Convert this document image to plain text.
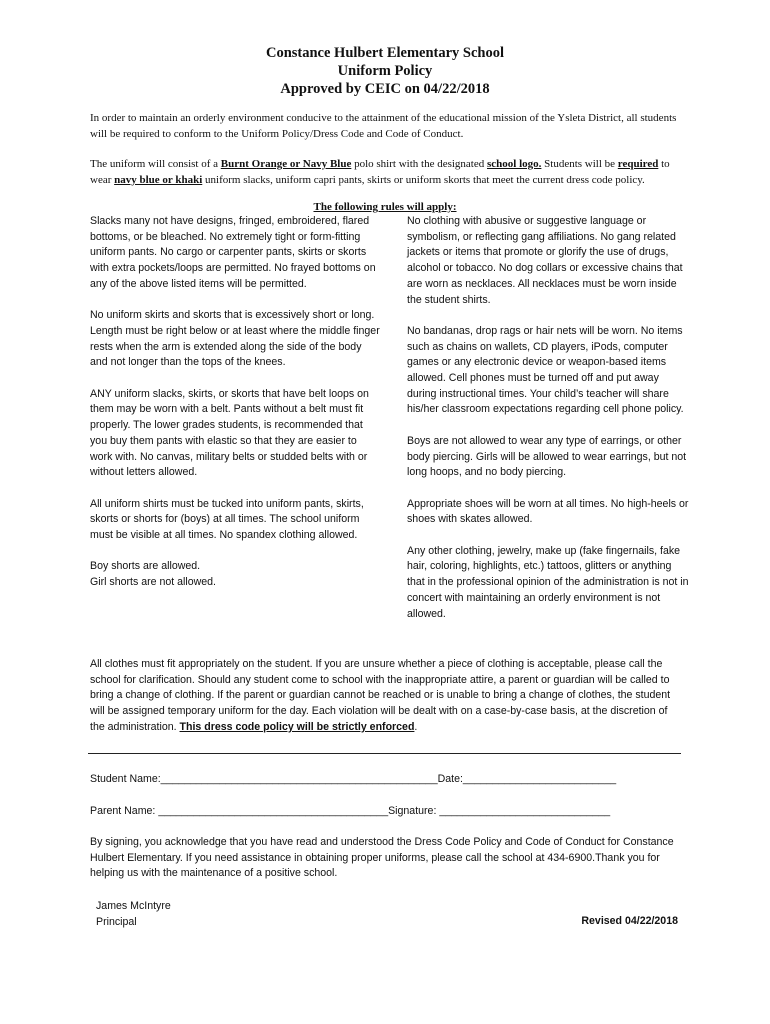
Constance Hulbert Elementary School
Uniform Policy
Approved by CEIC on 04/22/2018
In order to maintain an orderly environment conducive to the attainment of the educational mission of the Ysleta District, all students will be required to conform to the Uniform Policy/Dress Code and Code of Conduct.
The uniform will consist of a Burnt Orange or Navy Blue polo shirt with the designated school logo. Students will be required to wear navy blue or khaki uniform slacks, uniform capri pants, skirts or uniform skorts that meet the current dress code policy.
The following rules will apply:

Slacks many not have designs, fringed, embroidered, flared bottoms, or be bleached. No extremely tight or form-fitting uniform pants. No cargo or carpenter pants, skirts or skorts with extra pockets/loops are permitted. No frayed bottoms on any of the above listed items will be permitted.

No uniform skirts and skorts that is excessively short or long. Length must be right below or at least where the middle finger rests when the arm is extended along the side of the body and not longer than the tops of the knees.

ANY uniform slacks, skirts, or skorts that have belt loops on them may be worn with a belt. Pants without a belt must fit properly. The lower grades students, is recommended that you buy them pants with elastic so that they are easier to work with. No canvas, military belts or studded belts with or without letters allowed.

All uniform shirts must be tucked into uniform pants, skirts, skorts or shorts for (boys) at all times. The school uniform must be visible at all times. No spandex clothing allowed.

Boy shorts are allowed.

Girl shorts are not allowed.

No clothing with abusive or suggestive language or symbolism, or reflecting gang affiliations. No gang related jackets or items that promote or glorify the use of drugs, alcohol or tobacco. No dog collars or excessive chains that are worn as necklaces. All necklaces must be worn inside the student shirts.

No bandanas, drop rags or hair nets will be worn. No items such as chains on wallets, CD players, iPods, computer games or any electronic device or weapon-based items allowed. Cell phones must be turned off and put away during instructional times. Your child’s teacher will share his/her classroom expectations regarding cell phone policy.

Boys are not allowed to wear any type of earrings, or other body piercing. Girls will be allowed to wear earrings, but not long hoops, and no body piercing.

Appropriate shoes will be worn at all times. No high-heels or shoes with skates allowed.

Any other clothing, jewelry, make up (fake fingernails, fake hair, coloring, highlights, etc.) tattoos, glitters or anything that in the professional opinion of the administration is not in concert with maintaining an orderly environment is not allowed.

All clothes must fit appropriately on the student. If you are unsure whether a piece of clothing is acceptable, please call the school for clarification. Should any student come to school with the inappropriate attire, a parent or guardian will be called to bring a change of clothing. If the parent or guardian cannot be reached or is unable to bring a change of clothes, the student will be assigned temporary uniform for the day. Each violation will be dealt with on a case-by-case basis, at the discretion of the administration. This dress code policy will be strictly enforced.
Student Name:_______________________________________________Date:__________________________
Parent Name: _______________________________________Signature: _____________________________
By signing, you acknowledge that you have read and understood the Dress Code Policy and Code of Conduct for Constance Hulbert Elementary. If you need assistance in obtaining proper uniforms, please call the school at 434-6900.Thank you for helping us with the maintenance of a positive school.
James McIntyre
Principal	Revised 04/22/2018
